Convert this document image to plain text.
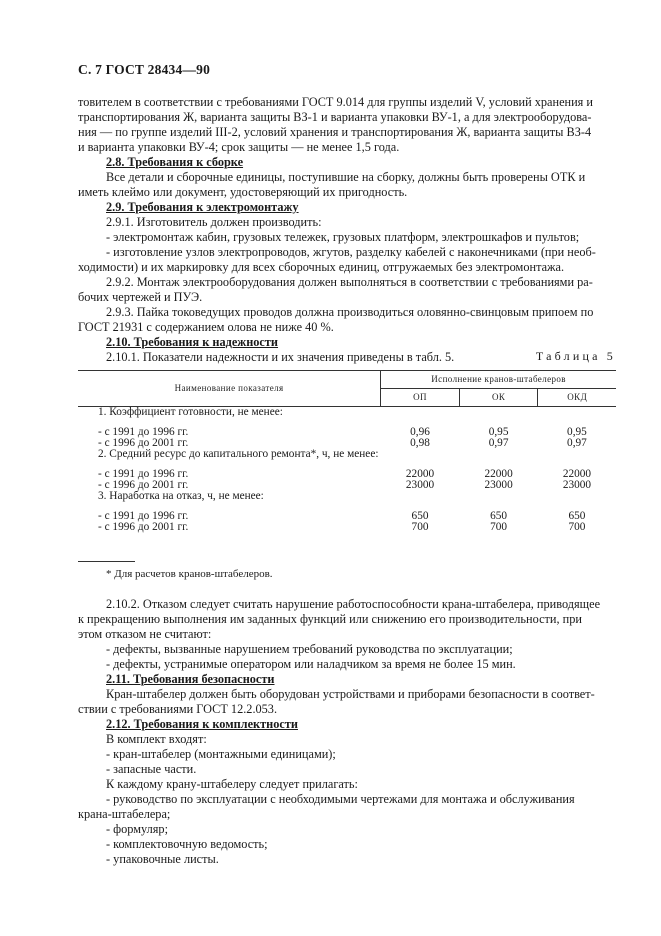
С. 7 ГОСТ 28434—90
товителем в соответствии с требованиями ГОСТ 9.014 для группы изделий V, условий хранения и
транспортирования Ж, варианта защиты ВЗ-1 и варианта упаковки ВУ-1, а для электрооборудова-
ния — по группе изделий III-2, условий хранения и транспортирования Ж, варианта защиты ВЗ-4
и варианта упаковки ВУ-4; срок защиты — не менее 1,5 года.
2.8. Требования к сборке
Все детали и сборочные единицы, поступившие на сборку, должны быть проверены ОТК и
иметь клеймо или документ, удостоверяющий их пригодность.
2.9. Требования к электромонтажу
2.9.1. Изготовитель должен производить:
- электромонтаж кабин, грузовых тележек, грузовых платформ, электрошкафов и пультов;
- изготовление узлов электропроводов, жгутов, разделку кабелей с наконечниками (при необ-
ходимости) и их маркировку для всех сборочных единиц, отгружаемых без электромонтажа.
2.9.2. Монтаж электрооборудования должен выполняться в соответствии с требованиями ра-
бочих чертежей и ПУЭ.
2.9.3. Пайка токоведущих проводов должна производиться оловянно-свинцовым припоем по
ГОСТ 21931 с содержанием олова не ниже 40 %.
2.10. Требования к надежности
2.10.1. Показатели надежности и их значения приведены в табл. 5.	Таблица 5
Наименование показателя	Исполнение кранов-штабелеров		
	ОП	ОК	ОКД
1. Коэффициент готовности, не менее:			

- с 1991 до 1996 гг.	0,96	0,95	0,95
- с 1996 до 2001 гг.	0,98	0,97	0,97
2. Средний ресурс до капитального ремонта*, ч, не менее:			

- с 1991 до 1996 гг.	22000	22000	22000
- с 1996 до 2001 гг.	23000	23000	23000
3. Наработка на отказ, ч, не менее:			

- с 1991 до 1996 гг.	650	650	650
- с 1996 до 2001 гг.	700	700	700
* Для расчетов кранов-штабелеров.
2.10.2. Отказом следует считать нарушение работоспособности крана-штабелера, приводящее
к прекращению выполнения им заданных функций или снижению его производительности, при
этом отказом не считают:
- дефекты, вызванные нарушением требований руководства по эксплуатации;
- дефекты, устранимые оператором или наладчиком за время не более 15 мин.
2.11. Требования безопасности
Кран-штабелер должен быть оборудован устройствами и приборами безопасности в соответ-
ствии с требованиями ГОСТ 12.2.053.
2.12. Требования к комплектности
В комплект входят:
- кран-штабелер (монтажными единицами);
- запасные части.
К каждому крану-штабелеру следует прилагать:
- руководство по эксплуатации с необходимыми чертежами для монтажа и обслуживания
крана-штабелера;
- формуляр;
- комплектовочную ведомость;
- упаковочные листы.
